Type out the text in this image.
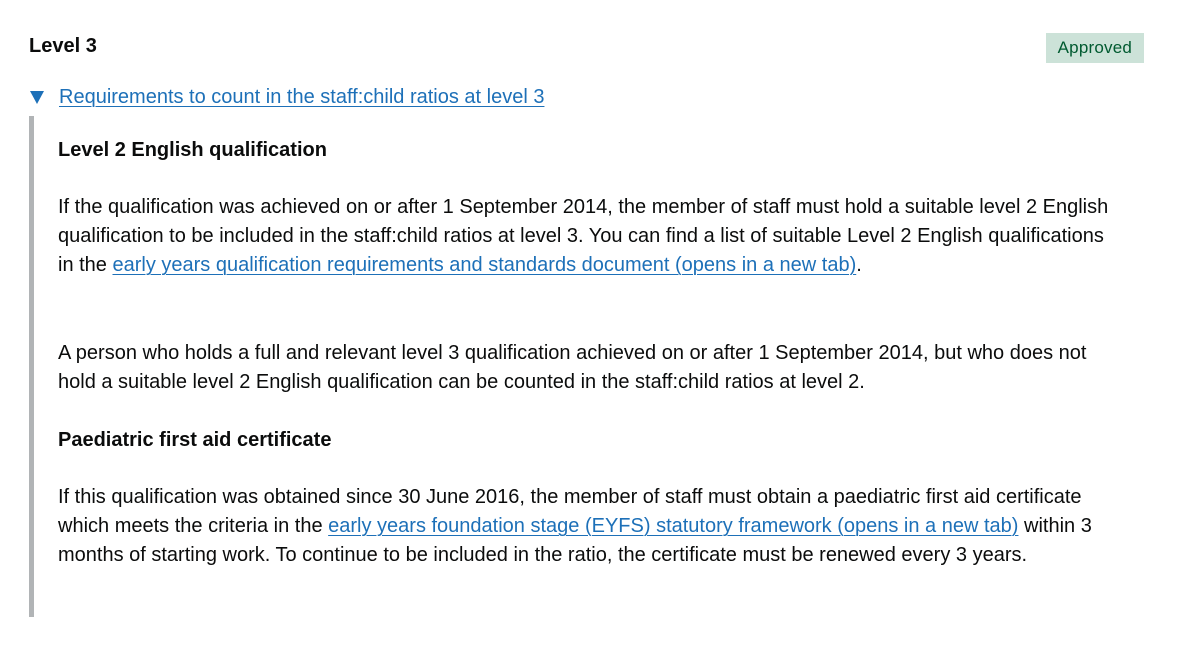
Level 3	Approved
Requirements to count in the staff:child ratios at level 3
Level 2 English qualification

If the qualification was achieved on or after 1 September 2014, the member of staff must hold a suitable level 2 English qualification to be included in the staff:child ratios at level 3. You can find a list of suitable Level 2 English qualifications in the early years qualification requirements and standards document (opens in a new tab).

A person who holds a full and relevant level 3 qualification achieved on or after 1 September 2014, but who does not hold a suitable level 2 English qualification can be counted in the staff:child ratios at level 2.

Paediatric first aid certificate

If this qualification was obtained since 30 June 2016, the member of staff must obtain a paediatric first aid certificate which meets the criteria in the early years foundation stage (EYFS) statutory framework (opens in a new tab) within 3 months of starting work. To continue to be included in the ratio, the certificate must be renewed every 3 years.
